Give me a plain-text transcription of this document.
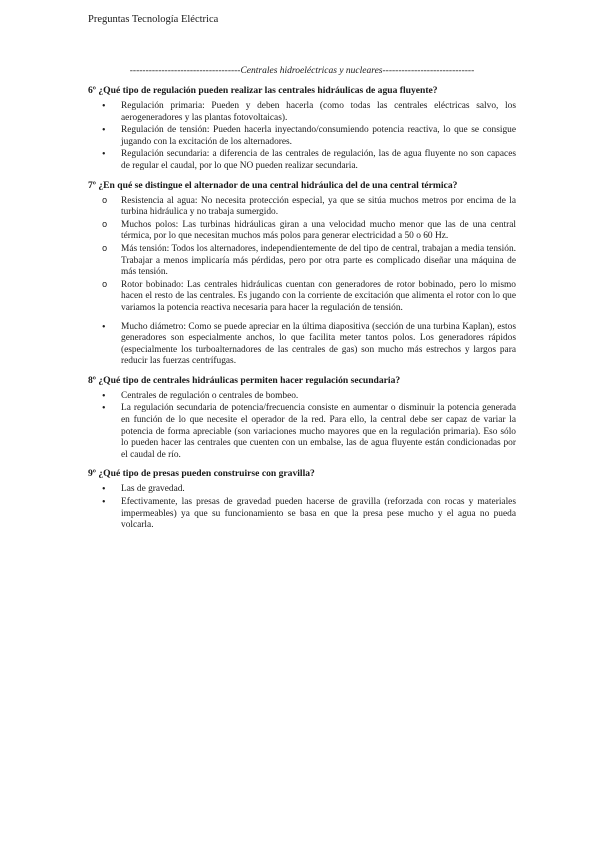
Preguntas Tecnología Eléctrica
-----------------------------------Centrales hidroeléctricas y nucleares-----------------------------
6º ¿Qué tipo de regulación pueden realizar las centrales hidráulicas de agua fluyente?
•
Regulación primaria: Pueden y deben hacerla (como todas las centrales eléctricas salvo, los aerogeneradores y las plantas fotovoltaicas).
•
Regulación de tensión: Pueden hacerla inyectando/consumiendo potencia reactiva, lo que se consigue jugando con la excitación de los alternadores.
•
Regulación secundaria: a diferencia de las centrales de regulación, las de agua fluyente no son capaces de regular el caudal, por lo que NO pueden realizar secundaria.
7º ¿En qué se distingue el alternador de una central hidráulica del de una central térmica?
o
Resistencia al agua: No necesita protección especial, ya que se sitúa muchos metros por encima de la turbina hidráulica y no trabaja sumergido.
o
Muchos polos: Las turbinas hidráulicas giran a una velocidad mucho menor que las de una central térmica, por lo que necesitan muchos más polos para generar electricidad a 50 o 60 Hz.
o
Más tensión: Todos los alternadores, independientemente de del tipo de central, trabajan a media tensión. Trabajar a menos implicaría más pérdidas, pero por otra parte es complicado diseñar una máquina de más tensión.
o
Rotor bobinado: Las centrales hidráulicas cuentan con generadores de rotor bobinado, pero lo mismo hacen el resto de las centrales. Es jugando con la corriente de excitación que alimenta el rotor con lo que variamos la potencia reactiva necesaria para hacer la regulación de tensión.
•
Mucho diámetro: Como se puede apreciar en la última diapositiva (sección de una turbina Kaplan), estos generadores son especialmente anchos, lo que facilita meter tantos polos. Los generadores rápidos (especialmente los turboalternadores de las centrales de gas) son mucho más estrechos y largos para reducir las fuerzas centrífugas.
8º ¿Qué tipo de centrales hidráulicas permiten hacer regulación secundaria?
•
Centrales de regulación o centrales de bombeo.
•
La regulación secundaria de potencia/frecuencia consiste en aumentar o disminuir la potencia generada en función de lo que necesite el operador de la red. Para ello, la central debe ser capaz de variar la potencia de forma apreciable (son variaciones mucho mayores que en la regulación primaria). Eso sólo lo pueden hacer las centrales que cuenten con un embalse, las de agua fluyente están condicionadas por el caudal de río.
9º ¿Qué tipo de presas pueden construirse con gravilla?
•
Las de gravedad.
•
Efectivamente, las presas de gravedad pueden hacerse de gravilla (reforzada con rocas y materiales impermeables) ya que su funcionamiento se basa en que la presa pese mucho y el agua no pueda volcarla.
